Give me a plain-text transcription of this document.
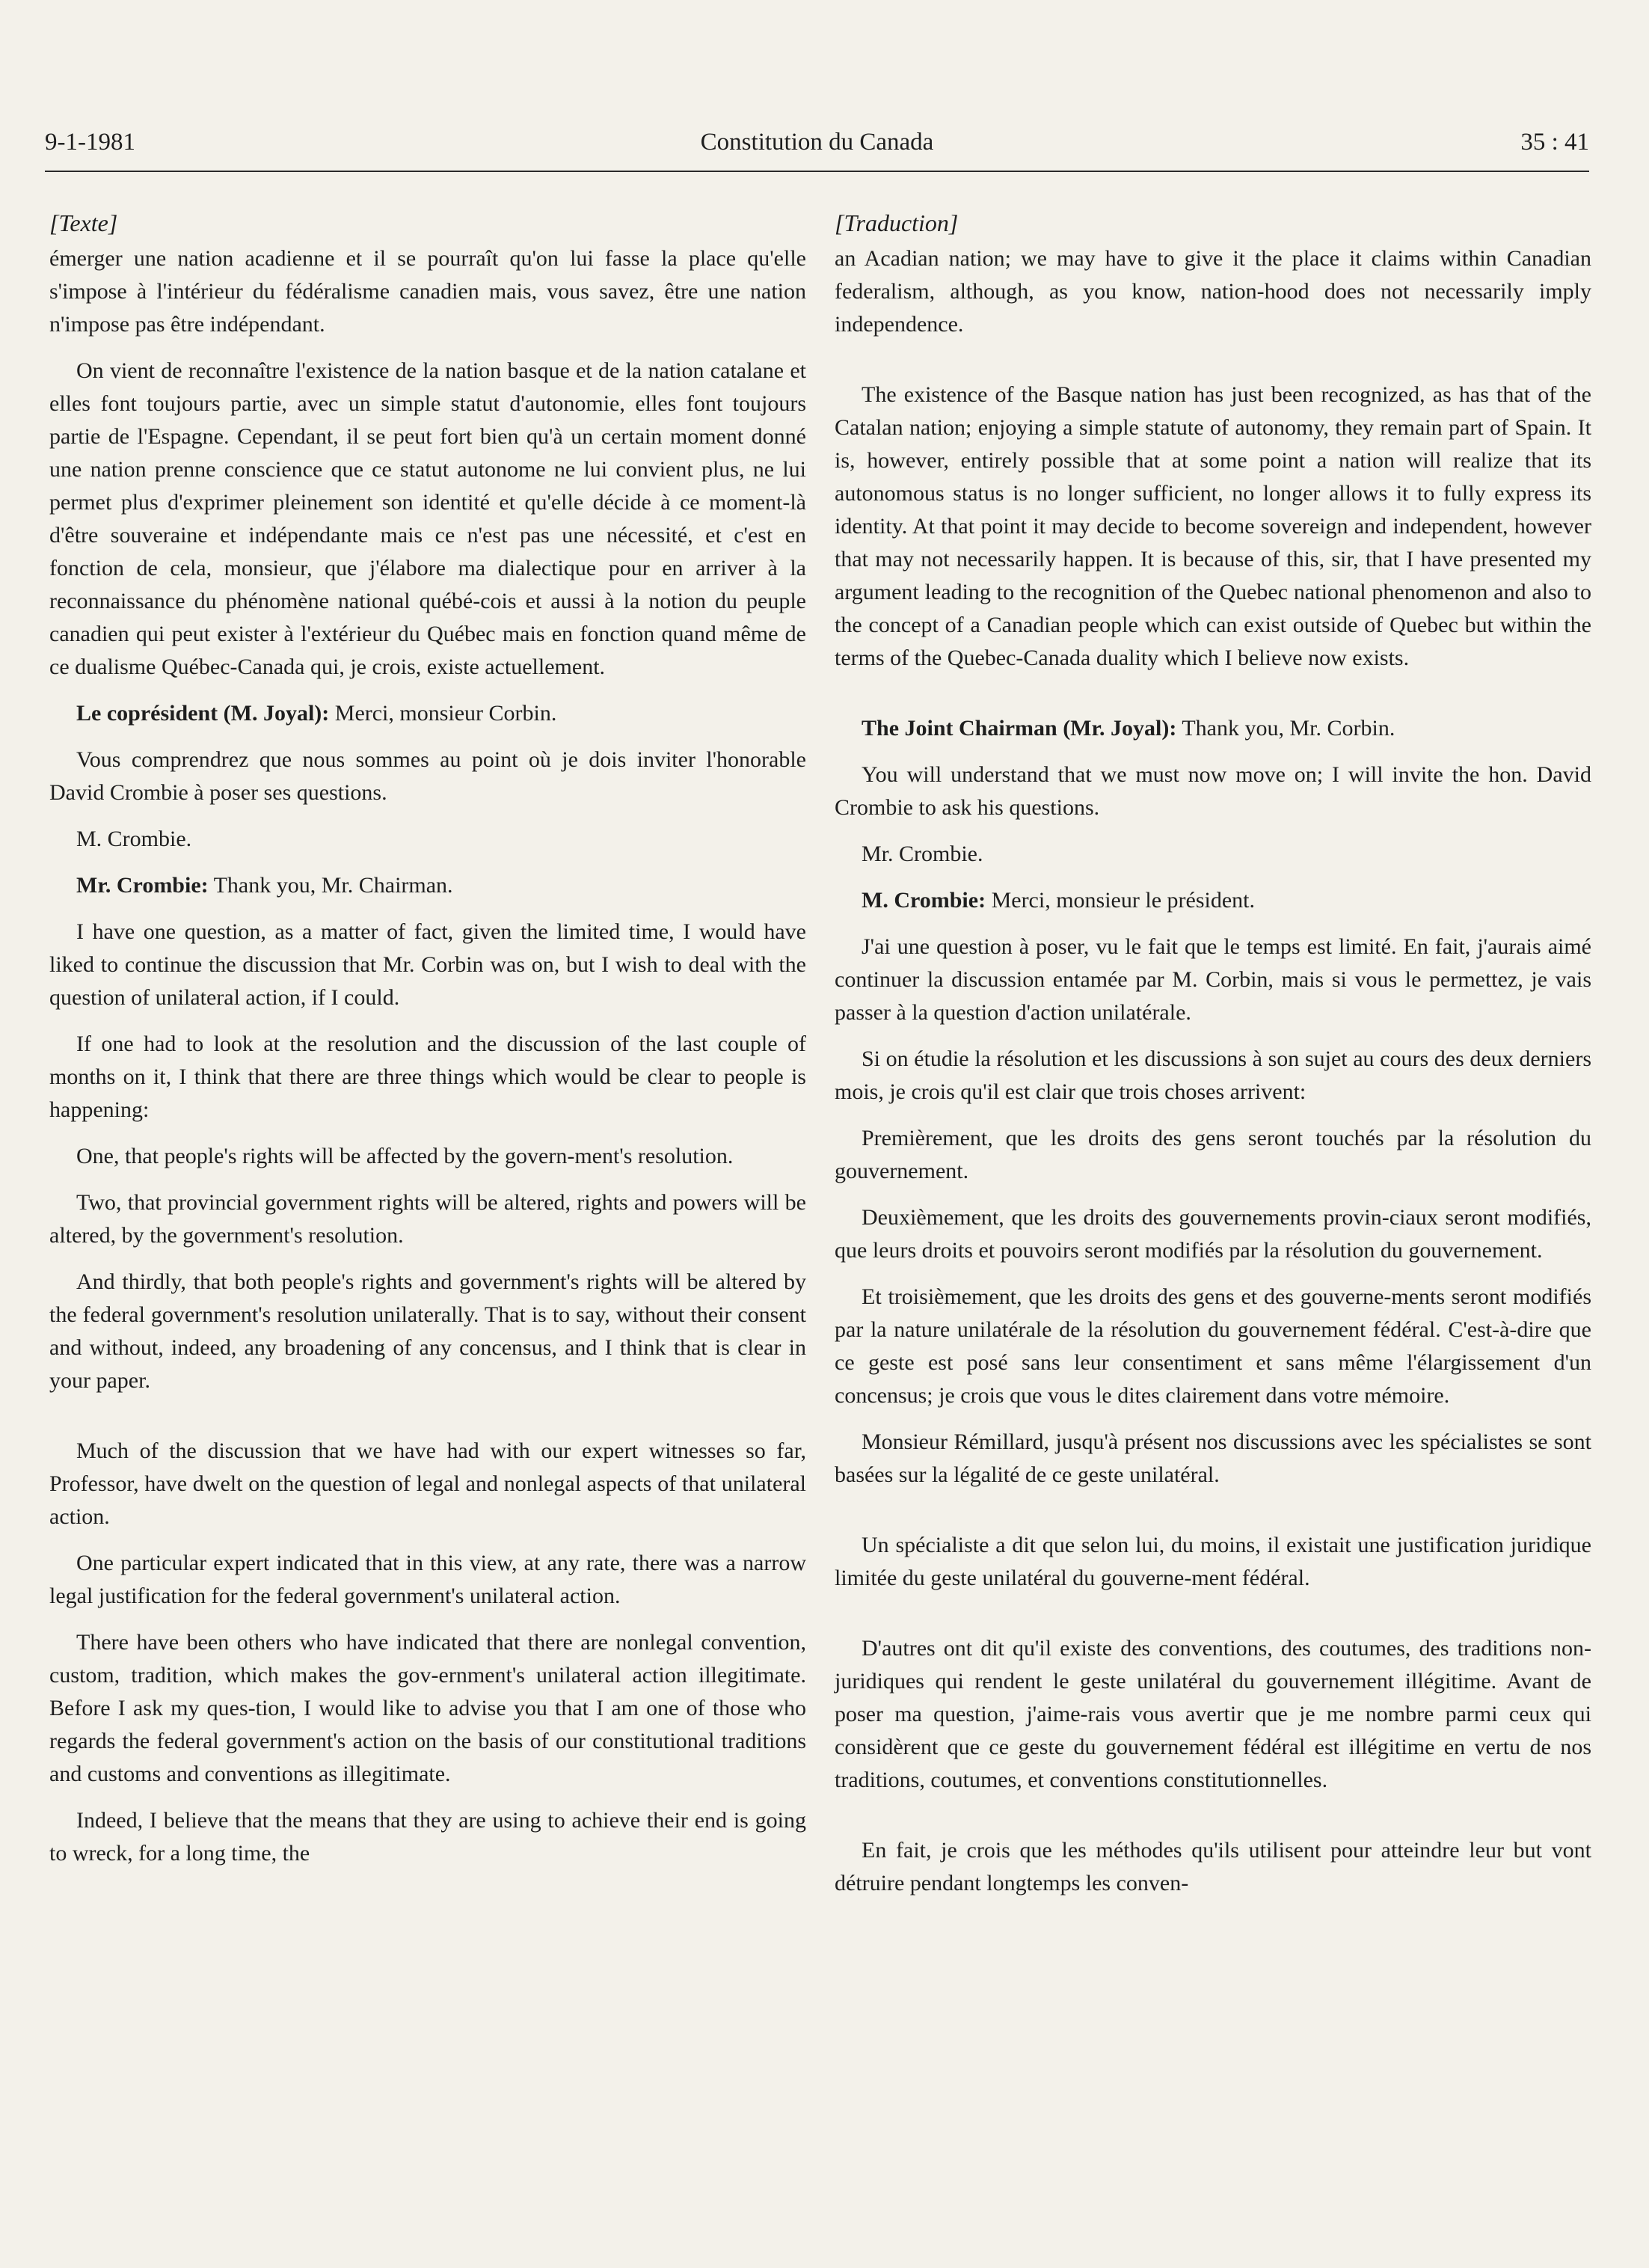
9-1-1981	Constitution du Canada	35 : 41
[Texte]

émerger une nation acadienne et il se pourraît qu'on lui fasse la place qu'elle s'impose à l'intérieur du fédéralisme canadien mais, vous savez, être une nation n'impose pas être indépendant.

On vient de reconnaître l'existence de la nation basque et de la nation catalane et elles font toujours partie, avec un simple statut d'autonomie, elles font toujours partie de l'Espagne. Cependant, il se peut fort bien qu'à un certain moment donné une nation prenne conscience que ce statut autonome ne lui convient plus, ne lui permet plus d'exprimer pleinement son identité et qu'elle décide à ce moment-là d'être souveraine et indépendante mais ce n'est pas une nécessité, et c'est en fonction de cela, monsieur, que j'élabore ma dialectique pour en arriver à la reconnaissance du phénomène national québé-cois et aussi à la notion du peuple canadien qui peut exister à l'extérieur du Québec mais en fonction quand même de ce dualisme Québec-Canada qui, je crois, existe actuellement.

Le coprésident (M. Joyal): Merci, monsieur Corbin.

Vous comprendrez que nous sommes au point où je dois inviter l'honorable David Crombie à poser ses questions.

M. Crombie.

Mr. Crombie: Thank you, Mr. Chairman.

I have one question, as a matter of fact, given the limited time, I would have liked to continue the discussion that Mr. Corbin was on, but I wish to deal with the question of unilateral action, if I could.

If one had to look at the resolution and the discussion of the last couple of months on it, I think that there are three things which would be clear to people is happening:

One, that people's rights will be affected by the govern-ment's resolution.

Two, that provincial government rights will be altered, rights and powers will be altered, by the government's resolution.

And thirdly, that both people's rights and government's rights will be altered by the federal government's resolution unilaterally. That is to say, without their consent and without, indeed, any broadening of any concensus, and I think that is clear in your paper.

Much of the discussion that we have had with our expert witnesses so far, Professor, have dwelt on the question of legal and nonlegal aspects of that unilateral action.

One particular expert indicated that in this view, at any rate, there was a narrow legal justification for the federal government's unilateral action.

There have been others who have indicated that there are nonlegal convention, custom, tradition, which makes the gov-ernment's unilateral action illegitimate. Before I ask my ques-tion, I would like to advise you that I am one of those who regards the federal government's action on the basis of our constitutional traditions and customs and conventions as illegitimate.

Indeed, I believe that the means that they are using to achieve their end is going to wreck, for a long time, the

[Traduction]

an Acadian nation; we may have to give it the place it claims within Canadian federalism, although, as you know, nation-hood does not necessarily imply independence.

The existence of the Basque nation has just been recognized, as has that of the Catalan nation; enjoying a simple statute of autonomy, they remain part of Spain. It is, however, entirely possible that at some point a nation will realize that its autonomous status is no longer sufficient, no longer allows it to fully express its identity. At that point it may decide to become sovereign and independent, however that may not necessarily happen. It is because of this, sir, that I have presented my argument leading to the recognition of the Quebec national phenomenon and also to the concept of a Canadian people which can exist outside of Quebec but within the terms of the Quebec-Canada duality which I believe now exists.

The Joint Chairman (Mr. Joyal): Thank you, Mr. Corbin.

You will understand that we must now move on; I will invite the hon. David Crombie to ask his questions.

Mr. Crombie.

M. Crombie: Merci, monsieur le président.

J'ai une question à poser, vu le fait que le temps est limité. En fait, j'aurais aimé continuer la discussion entamée par M. Corbin, mais si vous le permettez, je vais passer à la question d'action unilatérale.

Si on étudie la résolution et les discussions à son sujet au cours des deux derniers mois, je crois qu'il est clair que trois choses arrivent:

Premièrement, que les droits des gens seront touchés par la résolution du gouvernement.

Deuxièmement, que les droits des gouvernements provin-ciaux seront modifiés, que leurs droits et pouvoirs seront modifiés par la résolution du gouvernement.

Et troisièmement, que les droits des gens et des gouverne-ments seront modifiés par la nature unilatérale de la résolution du gouvernement fédéral. C'est-à-dire que ce geste est posé sans leur consentiment et sans même l'élargissement d'un concensus; je crois que vous le dites clairement dans votre mémoire.

Monsieur Rémillard, jusqu'à présent nos discussions avec les spécialistes se sont basées sur la légalité de ce geste unilatéral.

Un spécialiste a dit que selon lui, du moins, il existait une justification juridique limitée du geste unilatéral du gouverne-ment fédéral.

D'autres ont dit qu'il existe des conventions, des coutumes, des traditions non-juridiques qui rendent le geste unilatéral du gouvernement illégitime. Avant de poser ma question, j'aime-rais vous avertir que je me nombre parmi ceux qui considèrent que ce geste du gouvernement fédéral est illégitime en vertu de nos traditions, coutumes, et conventions constitutionnelles.

En fait, je crois que les méthodes qu'ils utilisent pour atteindre leur but vont détruire pendant longtemps les conven-
